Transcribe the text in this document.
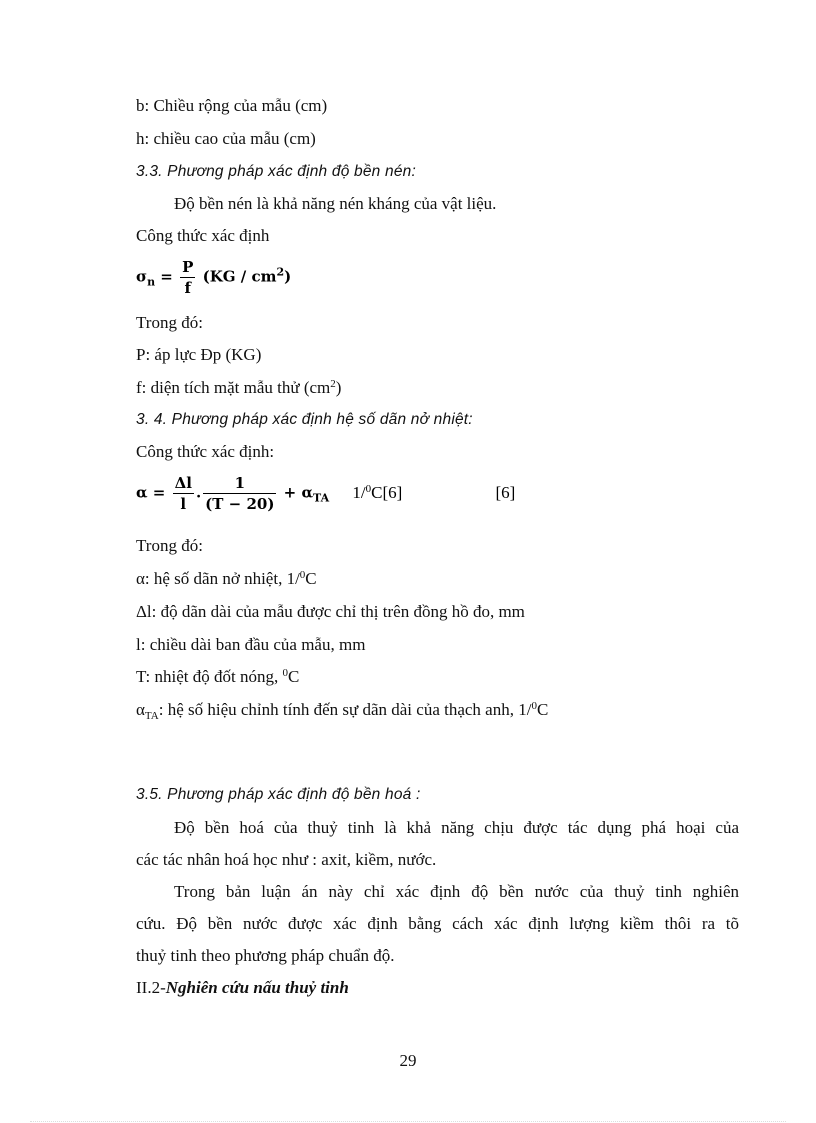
b: Chiều rộng của mẫu (cm)
h: chiều cao của mẫu (cm)
3.3. Phương pháp xác định độ bền nén:
Độ bền nén là khả năng nén kháng của vật liệu.
Công thức xác định
$\sigma_n = \frac{P}{f} (KG / cm^2)$
Trong đó:
P: áp lực Đp (KG)
f: diện tích mặt mẫu thử $(cm^2)$
3. 4. Phương pháp xác định hệ số dãn nở nhiệt:
Công thức xác định:
$\alpha = \frac{\Delta l}{l}$ . $\frac{1}{(T - 20)} + \alpha_{TA}$ 1/$^0$C[6]	[6]
Trong đó:
α: hệ số dãn nở nhiệt, 1/$^0$C
Δl: độ dãn dài của mẫu được chỉ thị trên đồng hồ đo, mm
l: chiều dài ban đầu của mẫu, mm
T: nhiệt độ đốt nóng, $^0$C
$\alpha_{TA}$: hệ số hiệu chỉnh tính đến sự dãn dài của thạch anh, 1/$^0$C
3.5. Phương pháp xác định độ bền hoá :
Độ bền hoá của thuỷ tinh là khả năng chịu được tác dụng phá hoại của
các tác nhân hoá học như : axit, kiềm, nước.
Trong bản luận án này chỉ xác định độ bền nước của thuỷ tinh nghiên
cứu. Độ bền nước được xác định bằng cách xác định lượng kiềm thôi ra tõ
thuỷ tinh theo phương pháp chuẩn độ.
II.2-Nghiên cứu nấu thuỷ tinh
29
